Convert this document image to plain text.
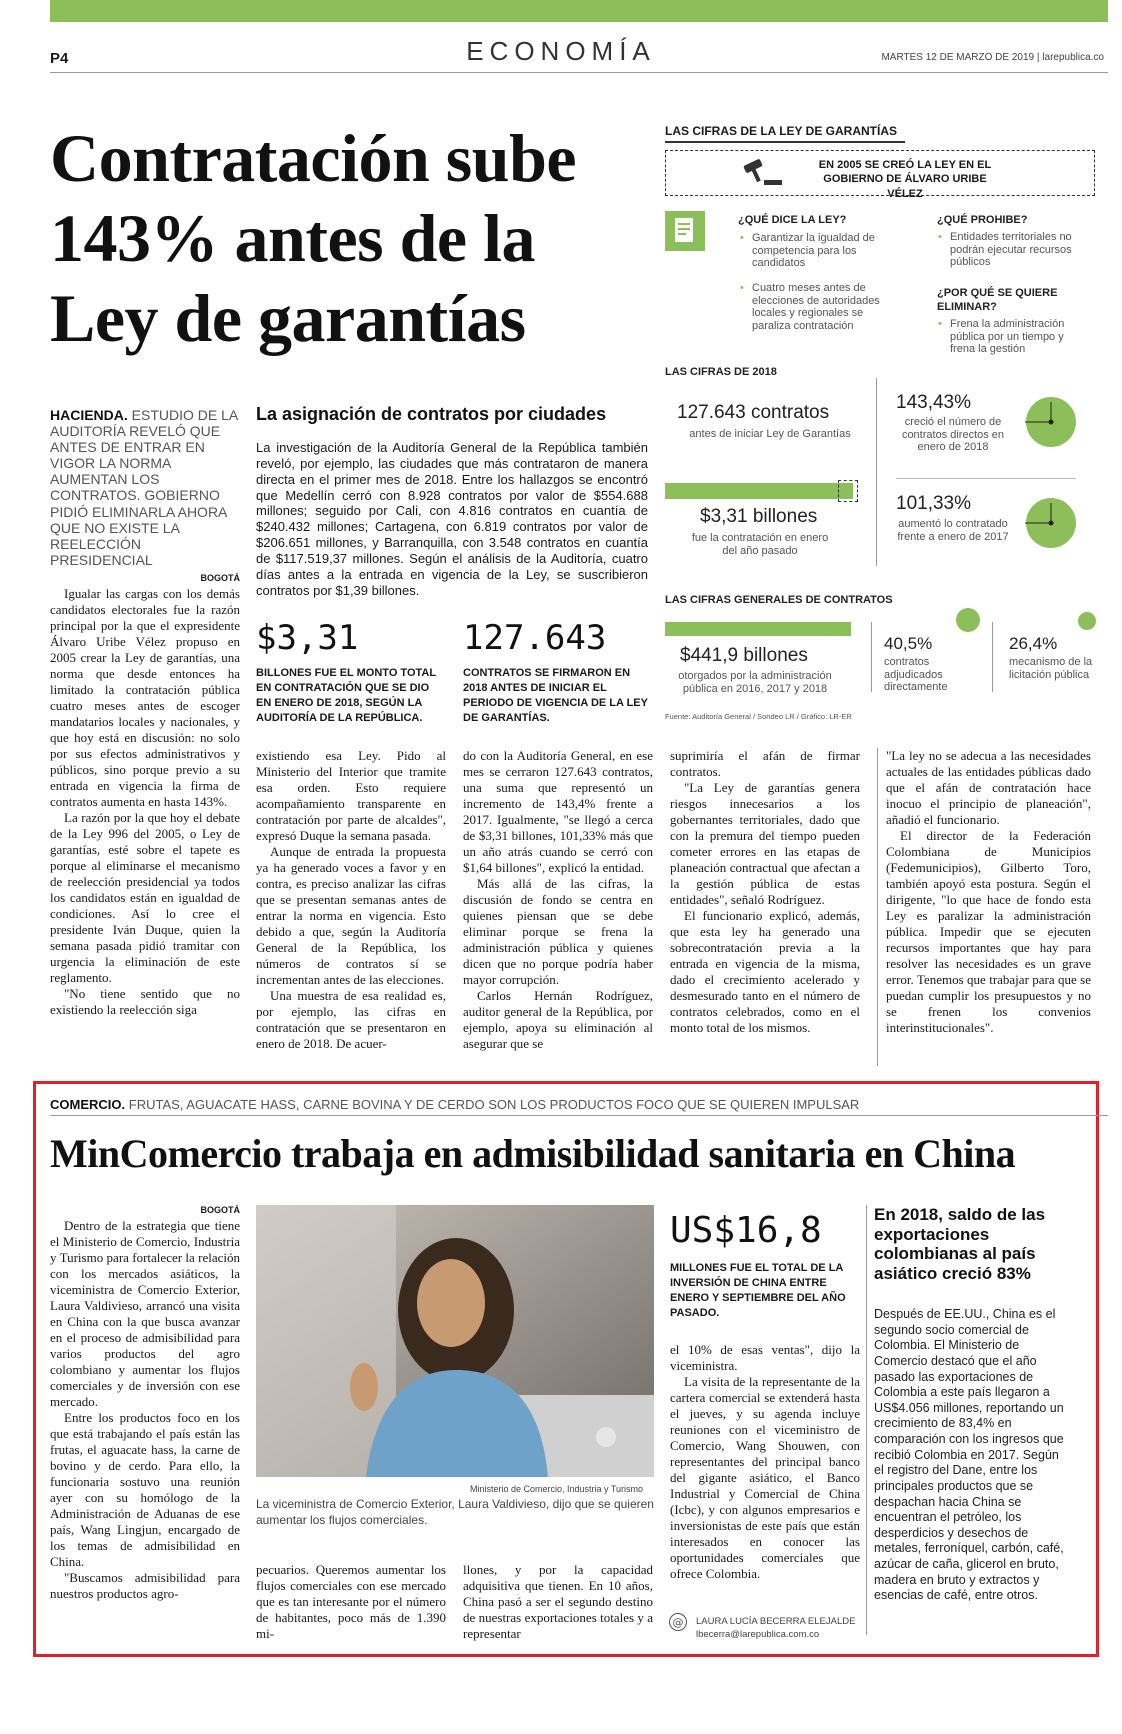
P4	ECONOMÍA	MARTES 12 DE MARZO DE 2019 | larepublica.co
Contratación sube 143% antes de la Ley de garantías
HACIENDA. ESTUDIO DE LA AUDITORÍA REVELÓ QUE ANTES DE ENTRAR EN VIGOR LA NORMA AUMENTAN LOS CONTRATOS. GOBIERNO PIDIÓ ELIMINARLA AHORA QUE NO EXISTE LA REELECCIÓN PRESIDENCIAL
La asignación de contratos por ciudades

La investigación de la Auditoría General de la República también reveló, por ejemplo, las ciudades que más contrataron de manera directa en el primer mes de 2018. Entre los hallazgos se encontró que Medellín cerró con 8.928 contratos por valor de $554.688 millones; seguido por Cali, con 4.816 contratos en cuantía de $240.432 millones; Cartagena, con 6.819 contratos por valor de $206.651 millones, y Barranquilla, con 3.548 contratos en cuantía de $117.519,37 millones. Según el análisis de la Auditoría, cuatro días antes a la entrada en vigencia de la Ley, se suscribieron contratos por $1,39 billones.

$3,31
BILLONES FUE EL MONTO TOTAL EN CONTRATACIÓN QUE SE DIO EN ENERO DE 2018, SEGÚN LA AUDITORÍA DE LA REPÚBLICA.
127.643
CONTRATOS SE FIRMARON EN 2018 ANTES DE INICIAR EL PERIODO DE VIGENCIA DE LA LEY DE GARANTÍAS.

BOGOTÁ

Igualar las cargas con los demás candidatos electorales fue la razón principal por la que el expresidente Álvaro Uribe Vélez propuso en 2005 crear la Ley de garantías, una norma que desde entonces ha limitado la contratación pública cuatro meses antes de escoger mandatarios locales y nacionales, y que hoy está en discusión: no solo por sus efectos administrativos y públicos, sino porque previo a su entrada en vigencia la firma de contratos aumenta en hasta 143%.

La razón por la que hoy el debate de la Ley 996 del 2005, o Ley de garantías, esté sobre el tapete es porque al eliminarse el mecanismo de reelección presidencial ya todos los candidatos están en igualdad de condiciones. Así lo cree el presidente Iván Duque, quien la semana pasada pidió tramitar con urgencia la eliminación de este reglamento.

"No tiene sentido que no existiendo la reelección siga

existiendo esa Ley. Pido al Ministerio del Interior que tramite esa orden. Esto requiere acompañamiento transparente en contratación por parte de alcaldes", expresó Duque la semana pasada.

Aunque de entrada la propuesta ya ha generado voces a favor y en contra, es preciso analizar las cifras que se presentan semanas antes de entrar la norma en vigencia. Esto debido a que, según la Auditoría General de la República, los números de contratos sí se incrementan antes de las elecciones.

Una muestra de esa realidad es, por ejemplo, las cifras en contratación que se presentaron en enero de 2018. De acuer-

do con la Auditoría General, en ese mes se cerraron 127.643 contratos, una suma que representó un incremento de 143,4% frente a 2017. Igualmente, "se llegó a cerca de $3,31 billones, 101,33% más que un año atrás cuando se cerró con $1,64 billones", explicó la entidad.

Más allá de las cifras, la discusión de fondo se centra en quienes piensan que se debe eliminar porque se frena la administración pública y quienes dicen que no porque podría haber mayor corrupción.

Carlos Hernán Rodríguez, auditor general de la República, por ejemplo, apoya su eliminación al asegurar que se

suprimiría el afán de firmar contratos.

"La Ley de garantías genera riesgos innecesarios a los gobernantes territoriales, dado que con la premura del tiempo pueden cometer errores en las etapas de planeación contractual que afectan a la gestión pública de estas entidades", señaló Rodríguez.

El funcionario explicó, además, que esta ley ha generado una sobrecontratación previa a la entrada en vigencia de la misma, dado el crecimiento acelerado y desmesurado tanto en el número de contratos celebrados, como en el monto total de los mismos.

"La ley no se adecua a las necesidades actuales de las entidades públicas dado que el afán de contratación hace inocuo el principio de planeación", añadió el funcionario.

El director de la Federación Colombiana de Municipios (Fedemunicipios), Gilberto Toro, también apoyó esta postura. Según el dirigente, "lo que hace de fondo esta Ley es paralizar la administración pública. Impedir que se ejecuten recursos importantes que hay para resolver las necesidades es un grave error. Tenemos que trabajar para que se puedan cumplir los presupuestos y no se frenen los convenios interinstitucionales".

LAS CIFRAS DE LA LEY DE GARANTÍAS
EN 2005 SE CREÓ LA LEY EN EL GOBIERNO DE ÁLVARO URIBE VÉLEZ
¿QUÉ DICE LA LEY?
• Garantizar la igualdad de competencia para los candidatos
• Cuatro meses antes de elecciones de autoridades locales y regionales se paraliza contratación
¿QUÉ PROHIBE?
• Entidades territoriales no podrán ejecutar recursos públicos
¿POR QUÉ SE QUIERE ELIMINAR?
• Frena la administración pública por un tiempo y frena la gestión
LAS CIFRAS DE 2018
127.643 contratos
antes de iniciar Ley de Garantías
$3,31 billones
fue la contratación en enero del año pasado
143,43%
creció el número de contratos directos en enero de 2018
101,33%
aumentó lo contratado frente a enero de 2017
LAS CIFRAS GENERALES DE CONTRATOS
$441,9 billones
otorgados por la administración pública en 2016, 2017 y 2018
40,5%
contratos adjudicados directamente
26,4%
mecanismo de la licitación pública
Fuente: Auditoría General / Sondeo LR / Gráfico: LR-ER
COMERCIO. FRUTAS, AGUACATE HASS, CARNE BOVINA Y DE CERDO SON LOS PRODUCTOS FOCO QUE SE QUIEREN IMPULSAR
MinComercio trabaja en admisibilidad sanitaria en China

BOGOTÁ

Dentro de la estrategia que tiene el Ministerio de Comercio, Industria y Turismo para fortalecer la relación con los mercados asiáticos, la viceministra de Comercio Exterior, Laura Valdivieso, arrancó una visita en China con la que busca avanzar en el proceso de admisibilidad para varios productos del agro colombiano y aumentar los flujos comerciales y de inversión con ese mercado.

Entre los productos foco en los que está trabajando el país están las frutas, el aguacate hass, la carne de bovino y de cerdo. Para ello, la funcionaria sostuvo una reunión ayer con su homólogo de la Administración de Aduanas de ese país, Wang Lingjun, encargado de los temas de admisibilidad en China.

"Buscamos admisibilidad para nuestros productos agro-

Ministerio de Comercio, Industria y Turismo
La viceministra de Comercio Exterior, Laura Valdivieso, dijo que se quieren aumentar los flujos comerciales.

pecuarios. Queremos aumentar los flujos comerciales con ese mercado que es tan interesante por el número de habitantes, poco más de 1.390 mi-

llones, y por la capacidad adquisitiva que tienen. En 10 años, China pasó a ser el segundo destino de nuestras exportaciones totales y a representar

US$16,8
MILLONES FUE EL TOTAL DE LA INVERSIÓN DE CHINA ENTRE ENERO Y SEPTIEMBRE DEL AÑO PASADO.

el 10% de esas ventas", dijo la viceministra.

La visita de la representante de la cartera comercial se extenderá hasta el jueves, y su agenda incluye reuniones con el viceministro de Comercio, Wang Shouwen, con representantes del principal banco del gigante asiático, el Banco Industrial y Comercial de China (Icbc), y con algunos empresarios e inversionistas de este país que están interesados en conocer las oportunidades comerciales que ofrece Colombia.

@ LAURA LUCÍA BECERRA ELEJALDE
lbecerra@larepublica.com.co
En 2018, saldo de las exportaciones colombianas al país asiático creció 83%
Después de EE.UU., China es el segundo socio comercial de Colombia. El Ministerio de Comercio destacó que el año pasado las exportaciones de Colombia a este país llegaron a US$4.056 millones, reportando un crecimiento de 83,4% en comparación con los ingresos que recibió Colombia en 2017. Según el registro del Dane, entre los principales productos que se despachan hacia China se encuentran el petróleo, los desperdicios y desechos de metales, ferroníquel, carbón, café, azúcar de caña, glicerol en bruto, madera en bruto y extractos y esencias de café, entre otros.
